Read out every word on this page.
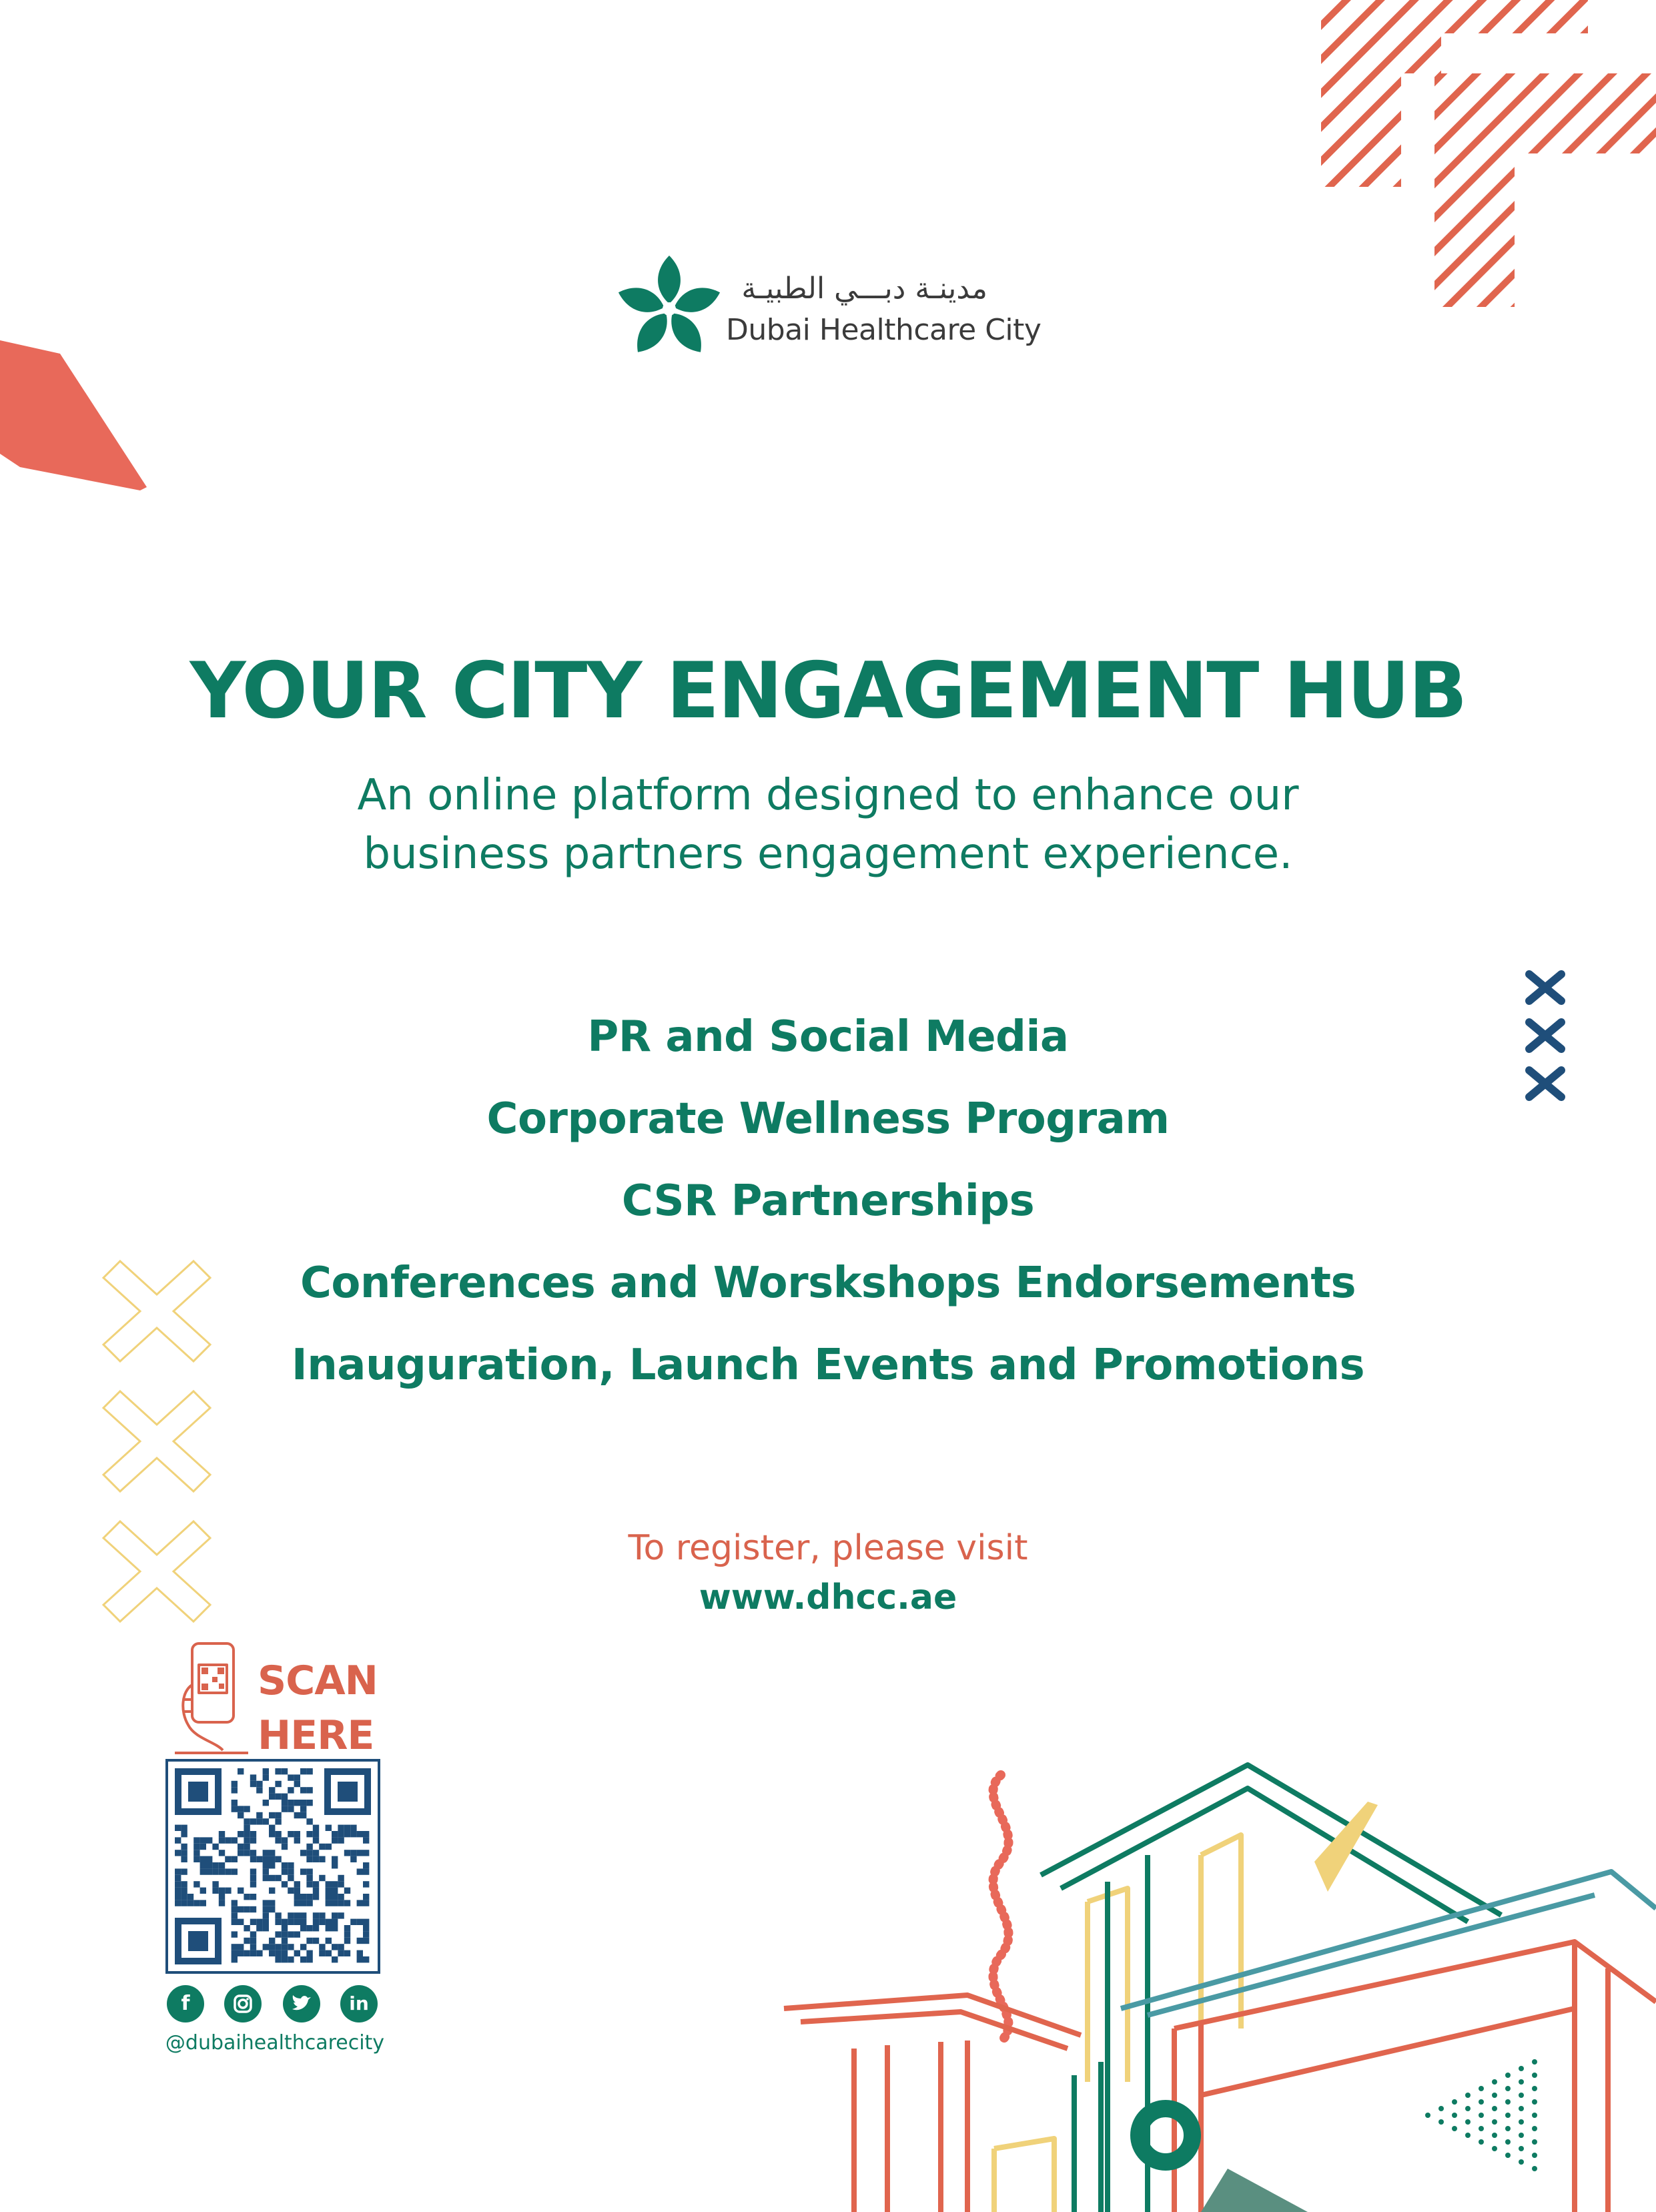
مدينـة دبـــي الطبيـة
Dubai Healthcare City
YOUR CITY ENGAGEMENT HUB
An online platform designed to enhance our
business partners engagement experience.
PR and Social Media
Corporate Wellness Program
CSR Partnerships
Conferences and Worskshops Endorsements
Inauguration, Launch Events and Promotions
To register, please visit
www.dhcc.ae
SCAN
HERE
f	in
@dubaihealthcarecity
